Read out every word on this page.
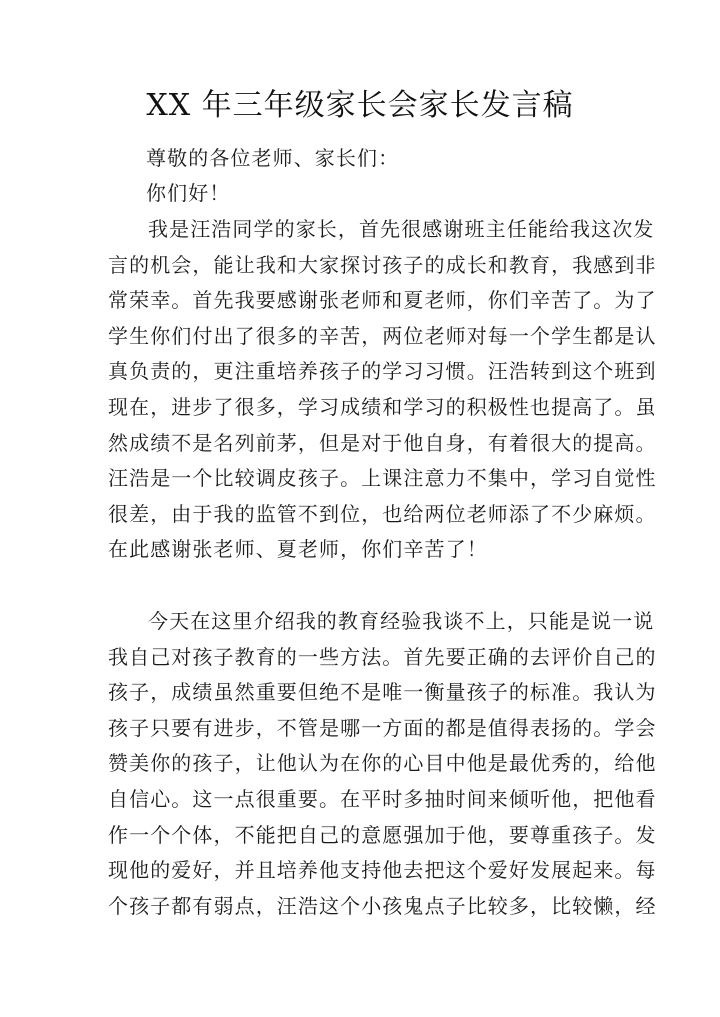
XX 年三年级家长会家长发言稿
尊敬的各位老师、家长们：
你们好！
我是汪浩同学的家长，首先很感谢班主任能给我这次发
言的机会，能让我和大家探讨孩子的成长和教育，我感到非
常荣幸。首先我要感谢张老师和夏老师，你们辛苦了。为了
学生你们付出了很多的辛苦，两位老师对每一个学生都是认
真负责的，更注重培养孩子的学习习惯。汪浩转到这个班到
现在，进步了很多，学习成绩和学习的积极性也提高了。虽
然成绩不是名列前茅，但是对于他自身，有着很大的提高。
汪浩是一个比较调皮孩子。上课注意力不集中，学习自觉性
很差，由于我的监管不到位，也给两位老师添了不少麻烦。
在此感谢张老师、夏老师，你们辛苦了！
今天在这里介绍我的教育经验我谈不上，只能是说一说
我自己对孩子教育的一些方法。首先要正确的去评价自己的
孩子，成绩虽然重要但绝不是唯一衡量孩子的标准。我认为
孩子只要有进步，不管是哪一方面的都是值得表扬的。学会
赞美你的孩子，让他认为在你的心目中他是最优秀的，给他
自信心。这一点很重要。在平时多抽时间来倾听他，把他看
作一个个体，不能把自己的意愿强加于他，要尊重孩子。发
现他的爱好，并且培养他支持他去把这个爱好发展起来。每
个孩子都有弱点，汪浩这个小孩鬼点子比较多，比较懒，经
